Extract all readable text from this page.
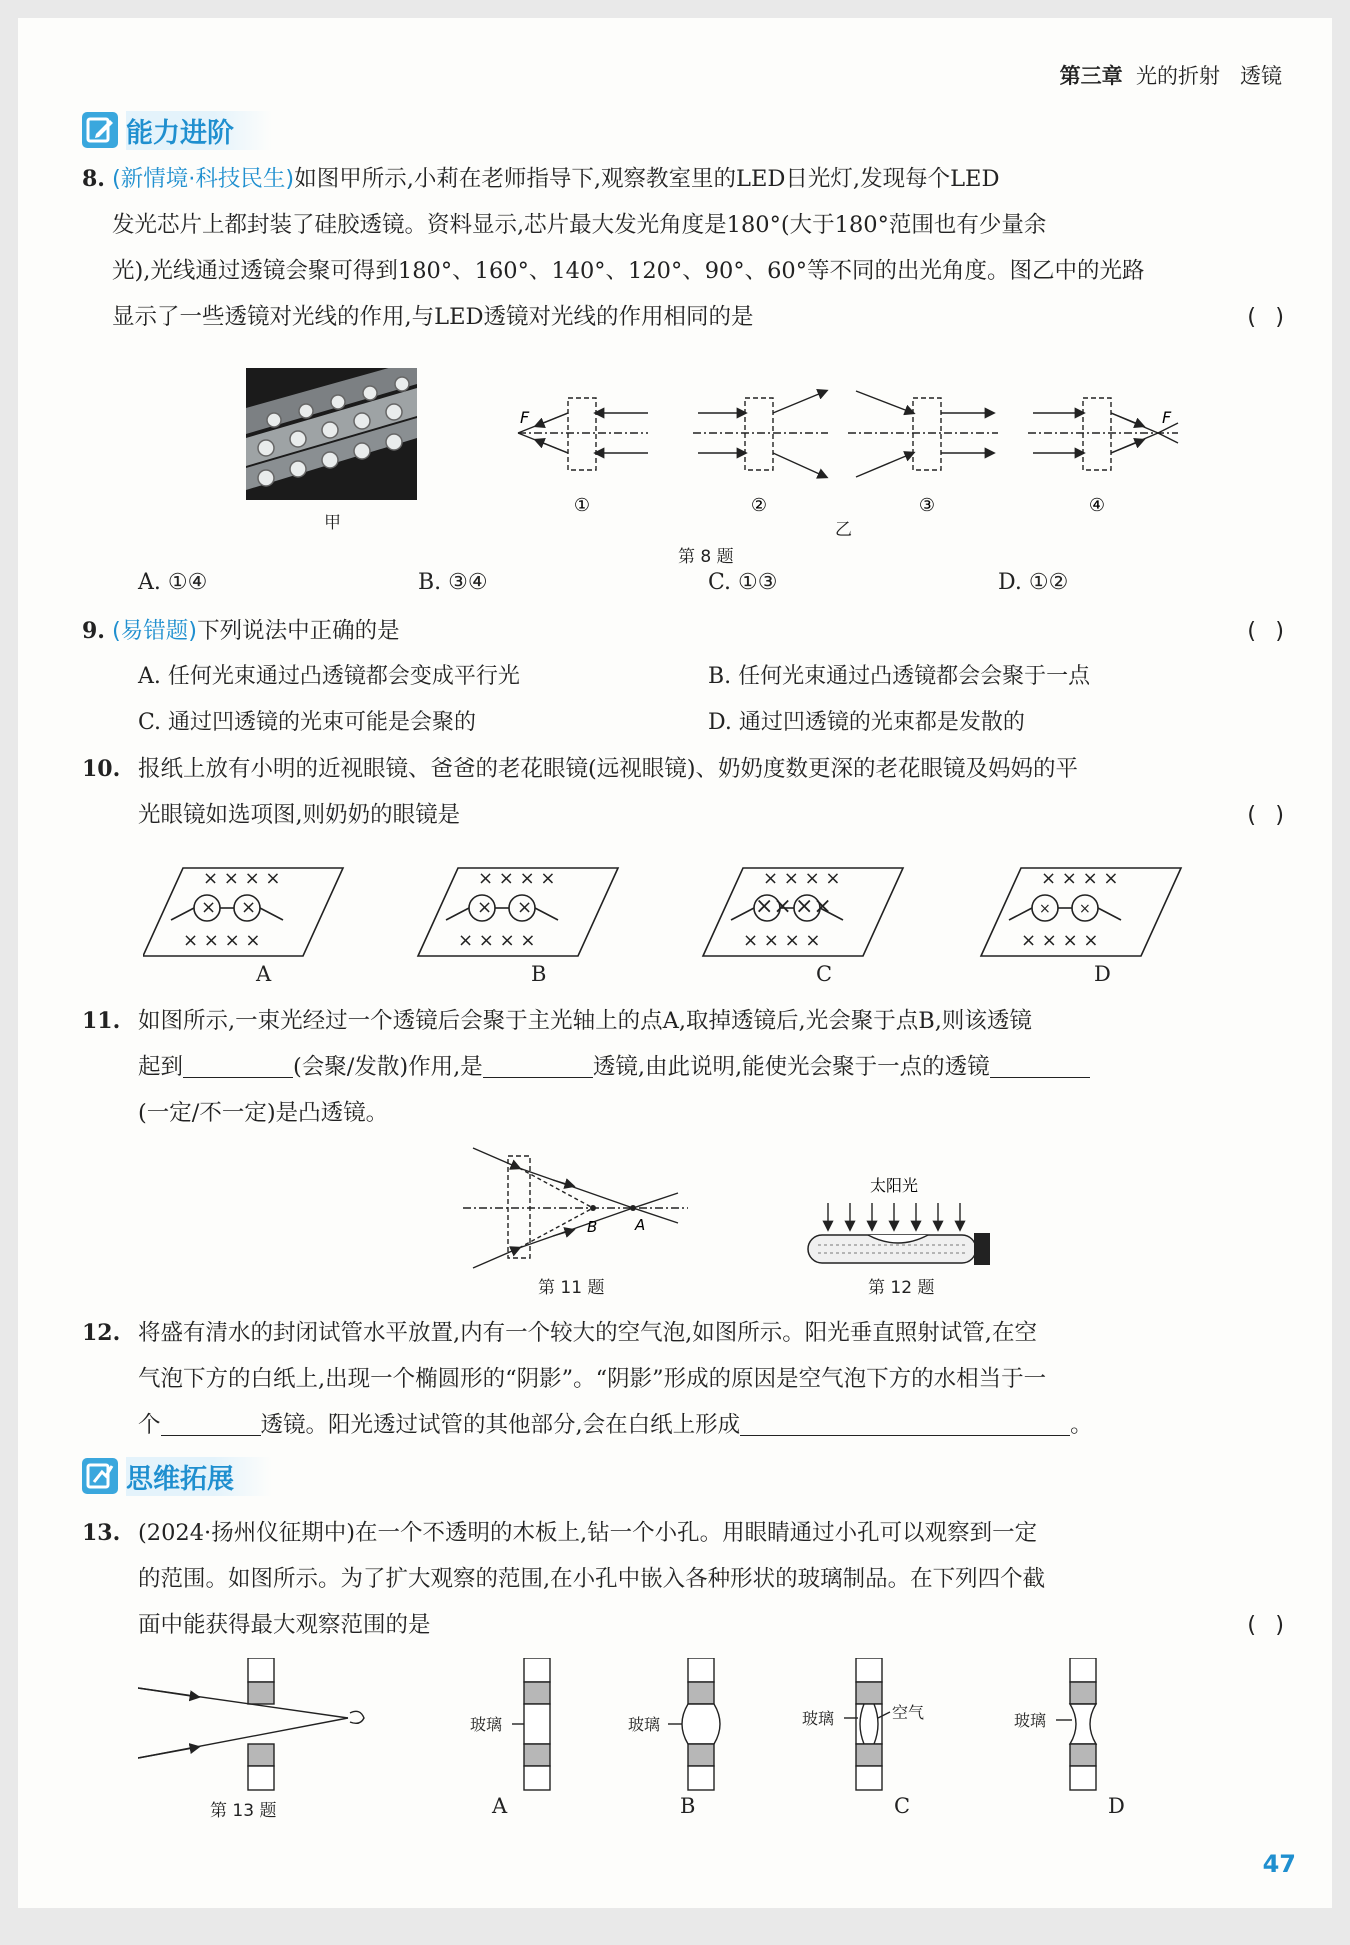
第三章 光的折射   透镜
能力进阶
8. (新情境·科技民生)如图甲所示,小莉在老师指导下,观察教室里的LED日光灯,发现每个LED
发光芯片上都封装了硅胶透镜。资料显示,芯片最大发光角度是180°(大于180°范围也有少量余
光),光线通过透镜会聚可得到180°、160°、140°、120°、90°、60°等不同的出光角度。图乙中的光路
显示了一些透镜对光线的作用,与LED透镜对光线的作用相同的是	( )
甲
F	F
①	②	③	④
乙
第 8 题
A. ①④	B. ③④	C. ①③	D. ①②
9. (易错题)下列说法中正确的是	( )
A. 任何光束通过凸透镜都会变成平行光	B. 任何光束通过凸透镜都会会聚于一点
C. 通过凹透镜的光束可能是会聚的	D. 通过凹透镜的光束都是发散的
10. 报纸上放有小明的近视眼镜、爸爸的老花眼镜(远视眼镜)、奶奶度数更深的老花眼镜及妈妈的平
光眼镜如选项图,则奶奶的眼镜是	( )
× × × ×
× ×
× × × ×
× × × ×
× ×
× × × ×
× × × ×
⨯⨯ ⨯⨯
× × × ×
× × × ×
× ×
× × × ×
A	B	C	D
11. 如图所示,一束光经过一个透镜后会聚于主光轴上的点A,取掉透镜后,光会聚于点B,则该透镜
起到	(会聚/发散)作用,是	透镜,由此说明,能使光会聚于一点的透镜
(一定/不一定)是凸透镜。
B	A
第 11 题
太阳光
第 12 题
12. 将盛有清水的封闭试管水平放置,内有一个较大的空气泡,如图所示。阳光垂直照射试管,在空
气泡下方的白纸上,出现一个椭圆形的“阴影”。“阴影”形成的原因是空气泡下方的水相当于一
个	透镜。阳光透过试管的其他部分,会在白纸上形成	。
思维拓展
13. (2024·扬州仪征期中)在一个不透明的木板上,钻一个小孔。用眼睛通过小孔可以观察到一定
的范围。如图所示。为了扩大观察的范围,在小孔中嵌入各种形状的玻璃制品。在下列四个截
面中能获得最大观察范围的是	( )
玻璃	玻璃	玻璃	空气	玻璃
第 13 题	A	B	C	D
47
